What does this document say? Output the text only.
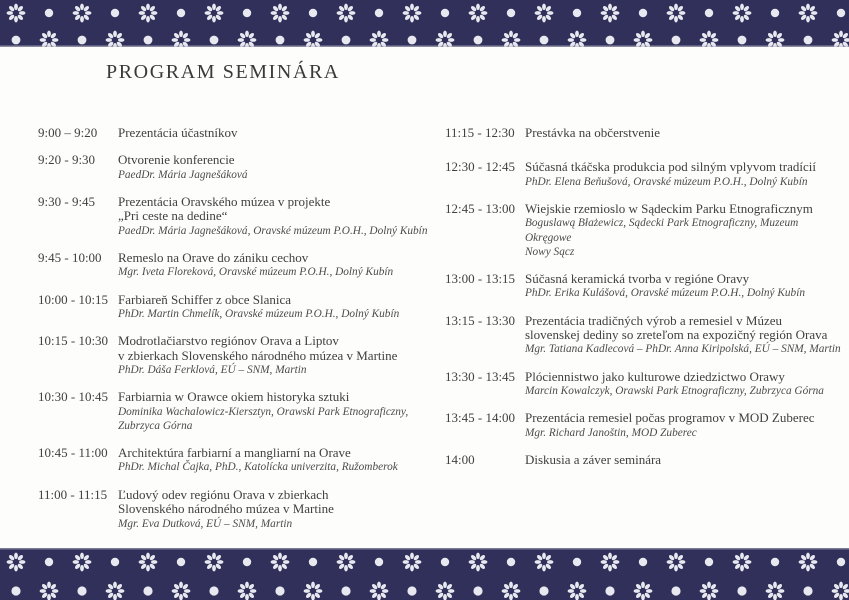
PROGRAM SEMINÁRA
9:00 – 9:20	Prezentácia účastníkov
9:20 - 9:30	Otvorenie konferencie
PaedDr. Mária Jagnešáková
9:30 - 9:45	Prezentácia Oravského múzea v projekte
„Pri ceste na dedine“
PaedDr. Mária Jagnešáková, Oravské múzeum P.O.H., Dolný Kubín
9:45 - 10:00	Remeslo na Orave do zániku cechov
Mgr. Iveta Floreková, Oravské múzeum P.O.H., Dolný Kubín
10:00 - 10:15 Farbiareň Schiffer z obce Slanica
PhDr. Martin Chmelík, Oravské múzeum P.O.H., Dolný Kubín
10:15 - 10:30 Modrotlačiarstvo regiónov Orava a Liptov
v zbierkach Slovenského národného múzea v Martine
PhDr. Dáša Ferklová, EÚ – SNM, Martin
10:30 - 10:45 Farbiarnia w Orawce okiem historyka sztuki
Dominika Wachalowicz-Kiersztyn, Orawski Park Etnograficzny,
Zubrzyca Górna
10:45 - 11:00 Architektúra farbiarní a mangliarní na Orave
PhDr. Michal Čajka, PhD., Katolícka univerzita, Ružomberok
11:00 - 11:15 Ľudový odev regiónu Orava v zbierkach
Slovenského národného múzea v Martine
Mgr. Eva Dutková, EÚ – SNM, Martin
11:15 - 12:30 Prestávka na občerstvenie
12:30 - 12:45 Súčasná tkáčska produkcia pod silným vplyvom tradícií
PhDr. Elena Beňušová, Oravské múzeum P.O.H., Dolný Kubín
12:45 - 13:00 Wiejskie rzemioslo w Sądeckim Parku Etnograficznym
Boguslawą Błażewicz, Sądecki Park Etnograficzny, Muzeum Okręgowe
Nowy Sącz
13:00 - 13:15 Súčasná keramická tvorba v regióne Oravy
PhDr. Erika Kulášová, Oravské múzeum P.O.H., Dolný Kubín
13:15 - 13:30 Prezentácia tradičných výrob a remesiel v Múzeu
slovenskej dediny so zreteľom na expozičný región Orava
Mgr. Tatiana Kadlecová – PhDr. Anna Kiripolská, EÚ – SNM, Martin
13:30 - 13:45 Plóciennistwo jako kulturowe dziedzictwo Orawy
Marcin Kowalczyk, Orawski Park Etnograficzny, Zubrzyca Górna
13:45 - 14:00 Prezentácia remesiel počas programov v MOD Zuberec
Mgr. Richard Janoštin, MOD Zuberec
14:00	Diskusia a záver seminára
